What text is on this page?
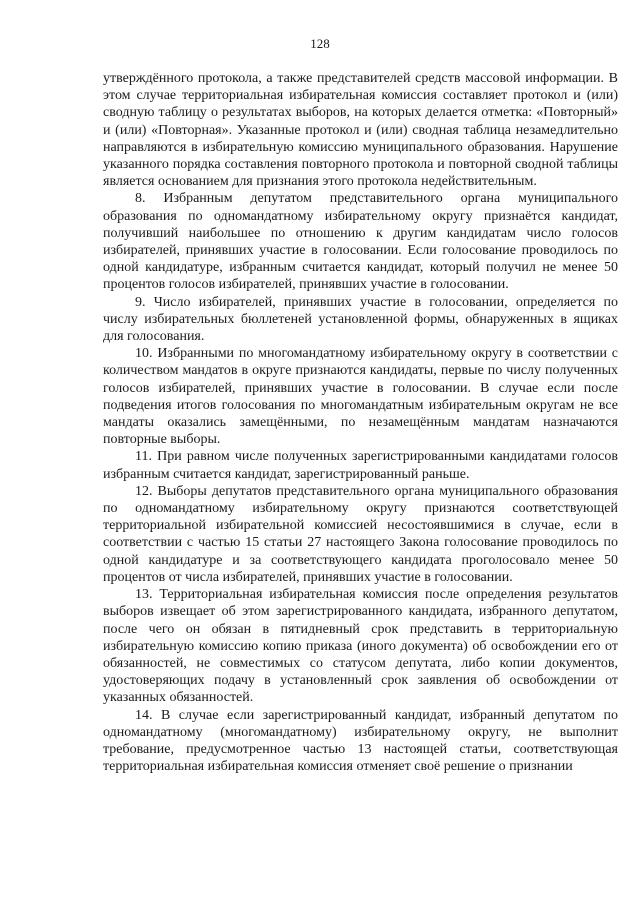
128

утверждённого протокола, а также представителей средств массовой информации. В этом случае территориальная избирательная комиссия составляет протокол и (или) сводную таблицу о результатах выборов, на которых делается отметка: «Повторный» и (или) «Повторная». Указанные протокол и (или) сводная таблица незамедлительно направляются в избирательную комиссию муниципального образования. Нарушение указанного порядка составления повторного протокола и повторной сводной таблицы является основанием для признания этого протокола недействительным.

8. Избранным депутатом представительного органа муниципального образования по одномандатному избирательному округу признаётся кандидат, получивший наибольшее по отношению к другим кандидатам число голосов избирателей, принявших участие в голосовании. Если голосование проводилось по одной кандидатуре, избранным считается кандидат, который получил не менее 50 процентов голосов избирателей, принявших участие в голосовании.

9. Число избирателей, принявших участие в голосовании, определяется по числу избирательных бюллетеней установленной формы, обнаруженных в ящиках для голосования.

10. Избранными по многомандатному избирательному округу в соответствии с количеством мандатов в округе признаются кандидаты, первые по числу полученных голосов избирателей, принявших участие в голосовании. В случае если после подведения итогов голосования по многомандатным избирательным округам не все мандаты оказались замещёнными, по незамещённым мандатам назначаются повторные выборы.

11. При равном числе полученных зарегистрированными кандидатами голосов избранным считается кандидат, зарегистрированный раньше.

12. Выборы депутатов представительного органа муниципального образования по одномандатному избирательному округу признаются соответствующей территориальной избирательной комиссией несостоявшимися в случае, если в соответствии с частью 15 статьи 27 настоящего Закона голосование проводилось по одной кандидатуре и за соответствующего кандидата проголосовало менее 50 процентов от числа избирателей, принявших участие в голосовании.

13. Территориальная избирательная комиссия после определения результатов выборов извещает об этом зарегистрированного кандидата, избранного депутатом, после чего он обязан в пятидневный срок представить в территориальную избирательную комиссию копию приказа (иного документа) об освобождении его от обязанностей, не совместимых со статусом депутата, либо копии документов, удостоверяющих подачу в установленный срок заявления об освобождении от указанных обязанностей.

14. В случае если зарегистрированный кандидат, избранный депутатом по одномандатному (многомандатному) избирательному округу, не выполнит требование, предусмотренное частью 13 настоящей статьи, соответствующая территориальная избирательная комиссия отменяет своё решение о признании
